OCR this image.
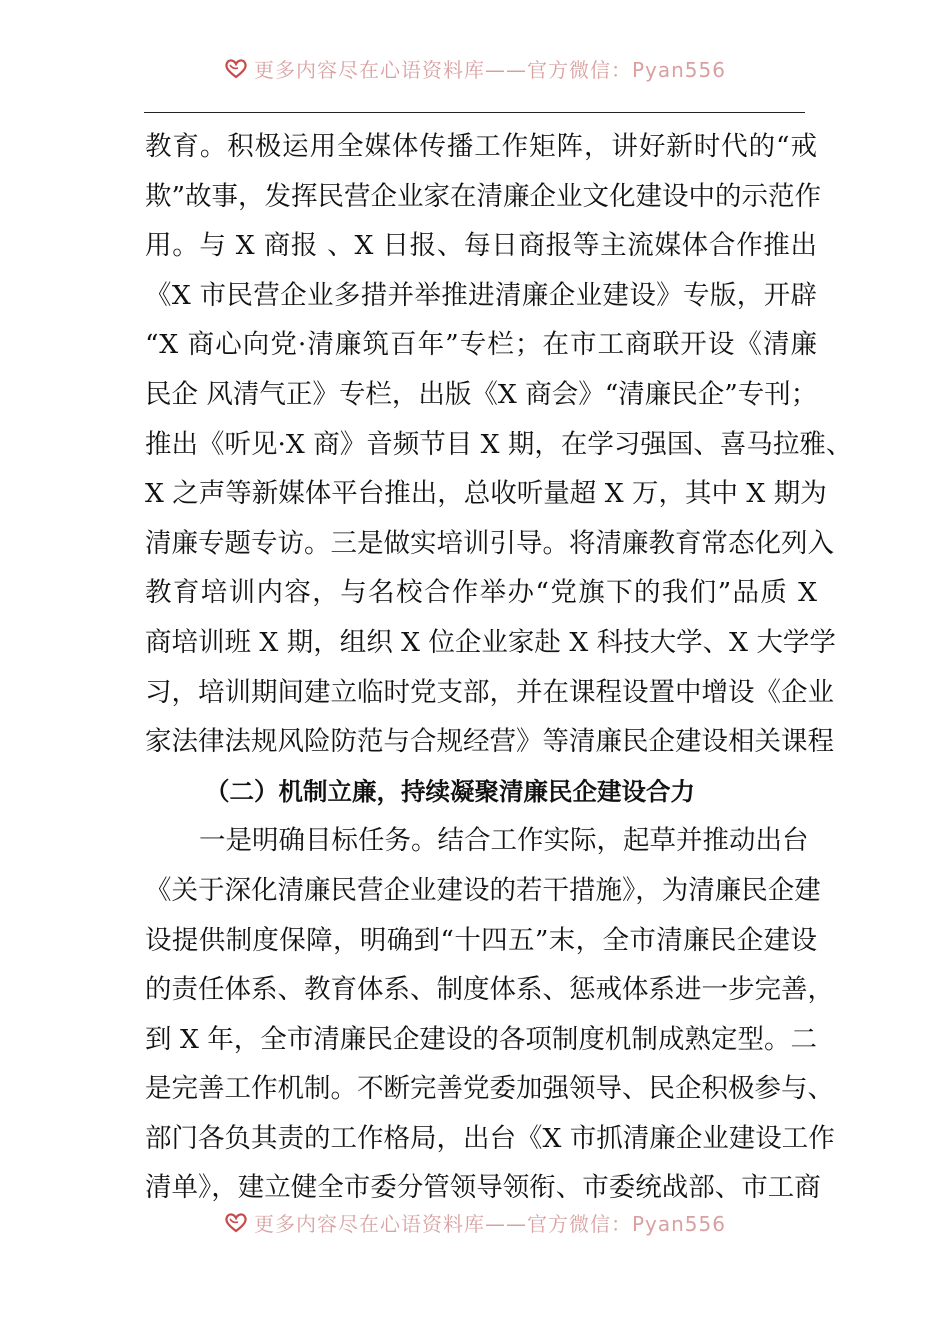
更多内容尽在心语资料库——官方微信：Pyan556
教育。积极运用全媒体传播工作矩阵，讲好新时代的“戒
欺”故事，发挥民营企业家在清廉企业文化建设中的示范作
用。与 X 商报 、X 日报、每日商报等主流媒体合作推出
《X 市民营企业多措并举推进清廉企业建设》专版，开辟
“X 商心向党·清廉筑百年”专栏；在市工商联开设《清廉
民企 风清气正》专栏，出版《X 商会》“清廉民企”专刊；
推出《听见·X 商》音频节目 X 期，在学习强国、喜马拉雅、
X 之声等新媒体平台推出，总收听量超 X 万，其中 X 期为
清廉专题专访。三是做实培训引导。将清廉教育常态化列入
教育培训内容，与名校合作举办“党旗下的我们”品质 X
商培训班 X 期，组织 X 位企业家赴 X 科技大学、X 大学学
习，培训期间建立临时党支部，并在课程设置中增设《企业
家法律法规风险防范与合规经营》等清廉民企建设相关课程
（二）机制立廉，持续凝聚清廉民企建设合力
一是明确目标任务。结合工作实际，起草并推动出台
《关于深化清廉民营企业建设的若干措施》，为清廉民企建
设提供制度保障，明确到“十四五”末，全市清廉民企建设
的责任体系、教育体系、制度体系、惩戒体系进一步完善，
到 X 年，全市清廉民企建设的各项制度机制成熟定型。二
是完善工作机制。不断完善党委加强领导、民企积极参与、
部门各负其责的工作格局，出台《X 市抓清廉企业建设工作
清单》，建立健全市委分管领导领衔、市委统战部、市工商
更多内容尽在心语资料库——官方微信：Pyan556
